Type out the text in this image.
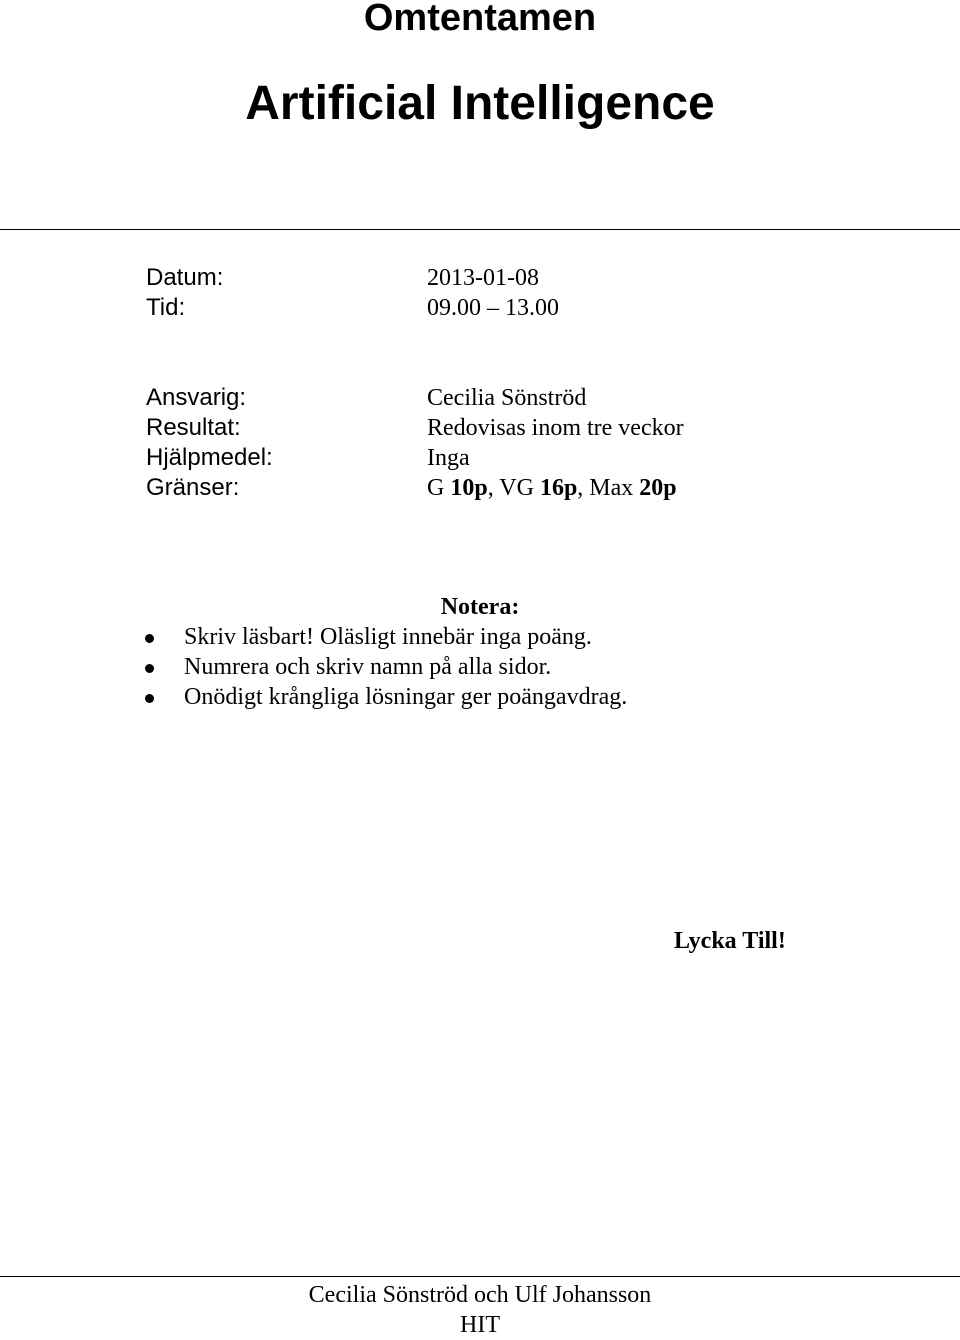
Omtentamen
Artificial Intelligence
Datum:	2013-01-08
Tid:	09.00 – 13.00
Ansvarig:	Cecilia Sönströd
Resultat:	Redovisas inom tre veckor
Hjälpmedel:	Inga
Gränser:	G 10p, VG 16p, Max 20p
Notera:
Skriv läsbart! Oläsligt innebär inga poäng.
Numrera och skriv namn på alla sidor.
Onödigt krångliga lösningar ger poängavdrag.
Lycka Till!
Cecilia Sönströd och Ulf Johansson
HIT
